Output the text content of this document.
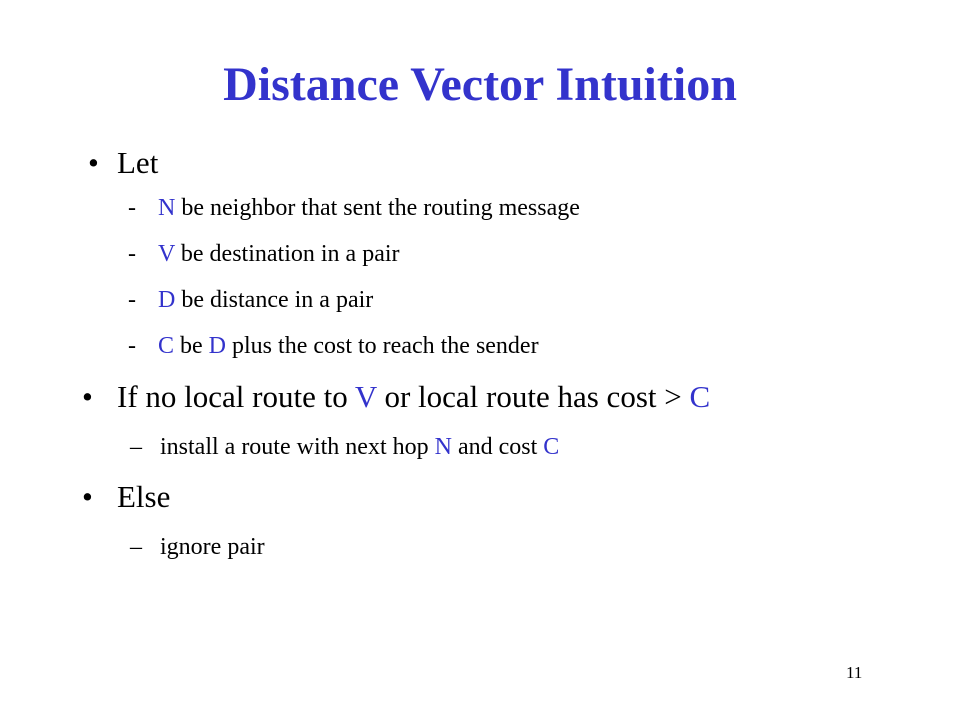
Distance Vector Intuition
• Let
- N be neighbor that sent the routing message
- V be destination in a pair
- D be distance in a pair
- C be D plus the cost to reach the sender
• If no local route to V or local route has cost > C
– install a route with next hop N and cost C
• Else
– ignore pair
11
